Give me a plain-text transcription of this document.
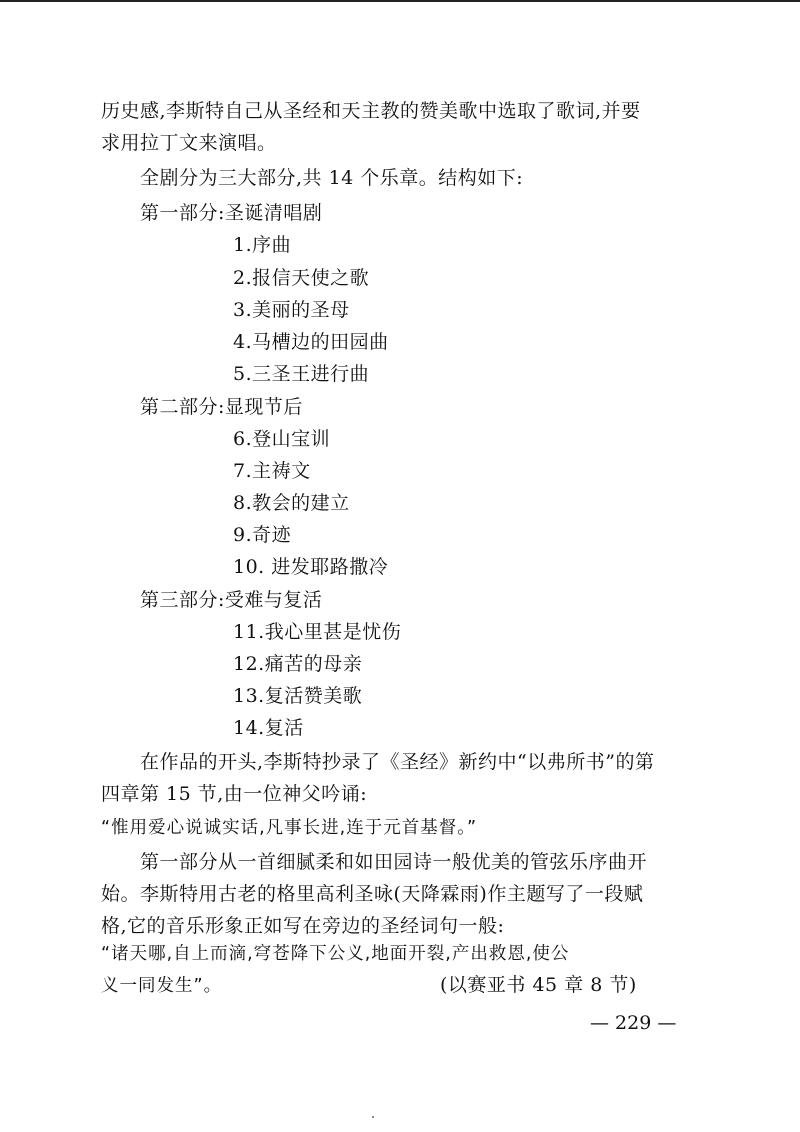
历史感,李斯特自己从圣经和天主教的赞美歌中选取了歌词,并要
求用拉丁文来演唱。
全剧分为三大部分,共 14 个乐章。结构如下:
第一部分:圣诞清唱剧
1.序曲
2.报信天使之歌
3.美丽的圣母
4.马槽边的田园曲
5.三圣王进行曲
第二部分:显现节后
6.登山宝训
7.主祷文
8.教会的建立
9.奇迹
10. 进发耶路撒冷
第三部分:受难与复活
11.我心里甚是忧伤
12.痛苦的母亲
13.复活赞美歌
14.复活
在作品的开头,李斯特抄录了《圣经》新约中“以弗所书”的第
四章第 15 节,由一位神父吟诵:
“惟用爱心说诚实话,凡事长进,连于元首基督。”
第一部分从一首细腻柔和如田园诗一般优美的管弦乐序曲开
始。李斯特用古老的格里高利圣咏(天降霖雨)作主题写了一段赋
格,它的音乐形象正如写在旁边的圣经词句一般:
“诸天哪,自上而滴,穹苍降下公义,地面开裂,产出救恩,使公
义一同发生”。	(以赛亚书 45 章 8 节)
— 229 —
